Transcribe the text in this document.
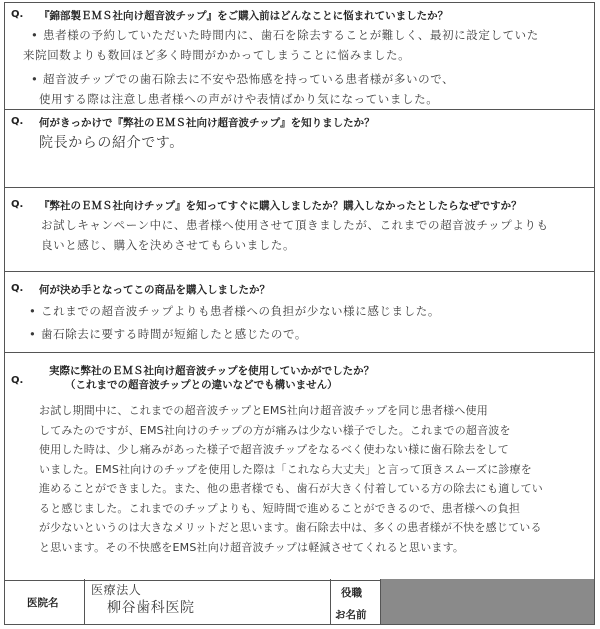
Q. 『錦部製ＥＭＳ社向け超音波チップ』をご購入前はどんなことに悩まれていましたか？
• 患者様の予約していただいた時間内に、歯石を除去することが難しく、最初に設定していた
来院回数よりも数回ほど多く時間がかかってしまうことに悩みました。
• 超音波チップでの歯石除去に不安や恐怖感を持っている患者様が多いので、
使用する際は注意し患者様への声がけや表情ばかり気になっていました。
Q. 何がきっかけで『弊社のＥＭＳ社向け超音波チップ』を知りましたか？
院長からの紹介です。
Q. 『弊社のＥＭＳ社向けチップ』を知ってすぐに購入しましたか？購入しなかったとしたらなぜですか？
お試しキャンペーン中に、患者様へ使用させて頂きましたが、これまでの超音波チップよりも
良いと感じ、購入を決めさせてもらいました。
Q. 何が決め手となってこの商品を購入しましたか？
• これまでの超音波チップよりも患者様への負担が少ない様に感じました。
• 歯石除去に要する時間が短縮したと感じたので。
Q.
実際に弊社のＥＭＳ社向け超音波チップを使用していかがでしたか？
（これまでの超音波チップとの違いなどでも構いません）
お試し期間中に、これまでの超音波チップとEMS社向け超音波チップを同じ患者様へ使用
してみたのですが、EMS社向けのチップの方が痛みは少ない様子でした。これまでの超音波を
使用した時は、少し痛みがあった様子で超音波チップをなるべく使わない様に歯石除去をして
いました。EMS社向けのチップを使用した際は「これなら大丈夫」と言って頂きスムーズに診療を
進めることができました。また、他の患者様でも、歯石が大きく付着している方の除去にも適してい
ると感じました。これまでのチップよりも、短時間で進めることができるので、患者様への負担
が少ないというのは大きなメリットだと思います。歯石除去中は、多くの患者様が不快を感じている
と思います。その不快感をEMS社向け超音波チップは軽減させてくれると思います。
医院名
医療法人
柳谷歯科医院
役職
お名前
